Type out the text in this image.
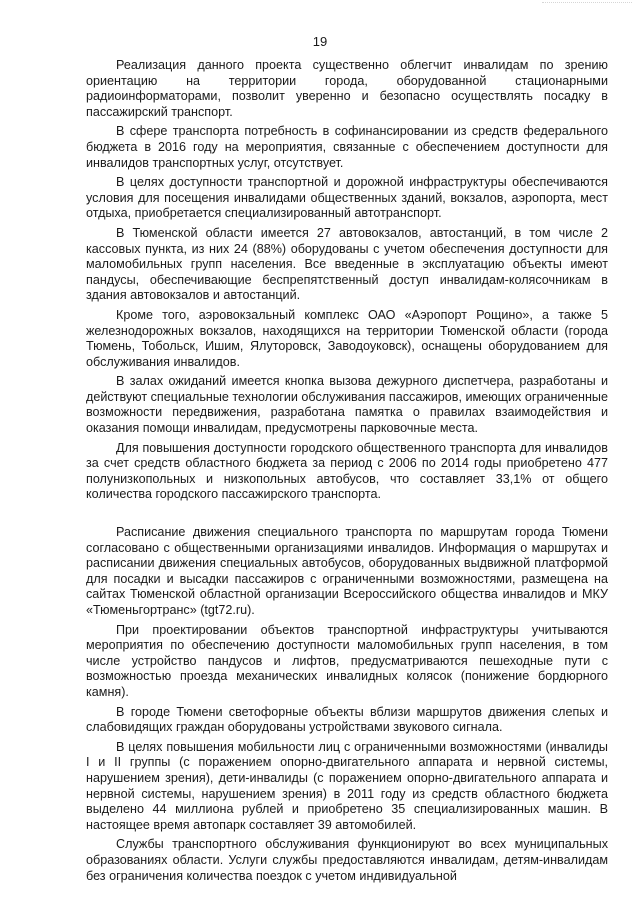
19

Реализация данного проекта существенно облегчит инвалидам по зрению ориентацию на территории города, оборудованной стационарными радиоинформаторами, позволит уверенно и безопасно осуществлять посадку в пассажирский транспорт.

В сфере транспорта потребность в софинансировании из средств федерального бюджета в 2016 году на мероприятия, связанные с обеспечением доступности для инвалидов транспортных услуг, отсутствует.

В целях доступности транспортной и дорожной инфраструктуры обеспечиваются условия для посещения инвалидами общественных зданий, вокзалов, аэропорта, мест отдыха, приобретается специализированный автотранспорт.

В Тюменской области имеется 27 автовокзалов, автостанций, в том числе 2 кассовых пункта, из них 24 (88%) оборудованы с учетом обеспечения доступности для маломобильных групп населения. Все введенные в эксплуатацию объекты имеют пандусы, обеспечивающие беспрепятственный доступ инвалидам-колясочникам в здания автовокзалов и автостанций.

Кроме того, аэровокзальный комплекс ОАО «Аэропорт Рощино», а также 5 железнодорожных вокзалов, находящихся на территории Тюменской области (города Тюмень, Тобольск, Ишим, Ялуторовск, Заводоуковск), оснащены оборудованием для обслуживания инвалидов.

В залах ожиданий имеется кнопка вызова дежурного диспетчера, разработаны и действуют специальные технологии обслуживания пассажиров, имеющих ограниченные возможности передвижения, разработана памятка о правилах взаимодействия и оказания помощи инвалидам, предусмотрены парковочные места.

Для повышения доступности городского общественного транспорта для инвалидов за счет средств областного бюджета за период с 2006 по 2014 годы приобретено 477 полунизкопольных и низкопольных автобусов, что составляет 33,1% от общего количества городского пассажирского транспорта.

Расписание движения специального транспорта по маршрутам города Тюмени согласовано с общественными организациями инвалидов. Информация о маршрутах и расписании движения специальных автобусов, оборудованных выдвижной платформой для посадки и высадки пассажиров с ограниченными возможностями, размещена на сайтах Тюменской областной организации Всероссийского общества инвалидов и МКУ «Тюменьгортранс» (tgt72.ru).

При проектировании объектов транспортной инфраструктуры учитываются мероприятия по обеспечению доступности маломобильных групп населения, в том числе устройство пандусов и лифтов, предусматриваются пешеходные пути с возможностью проезда механических инвалидных колясок (понижение бордюрного камня).

В городе Тюмени светофорные объекты вблизи маршрутов движения слепых и слабовидящих граждан оборудованы устройствами звукового сигнала.

В целях повышения мобильности лиц с ограниченными возможностями (инвалиды I и II группы (с поражением опорно-двигательного аппарата и нервной системы, нарушением зрения), дети-инвалиды (с поражением опорно-двигательного аппарата и нервной системы, нарушением зрения) в 2011 году из средств областного бюджета выделено 44 миллиона рублей и приобретено 35 специализированных машин. В настоящее время автопарк составляет 39 автомобилей.

Службы транспортного обслуживания функционируют во всех муниципальных образованиях области. Услуги службы предоставляются инвалидам, детям-инвалидам без ограничения количества поездок с учетом индивидуальной
